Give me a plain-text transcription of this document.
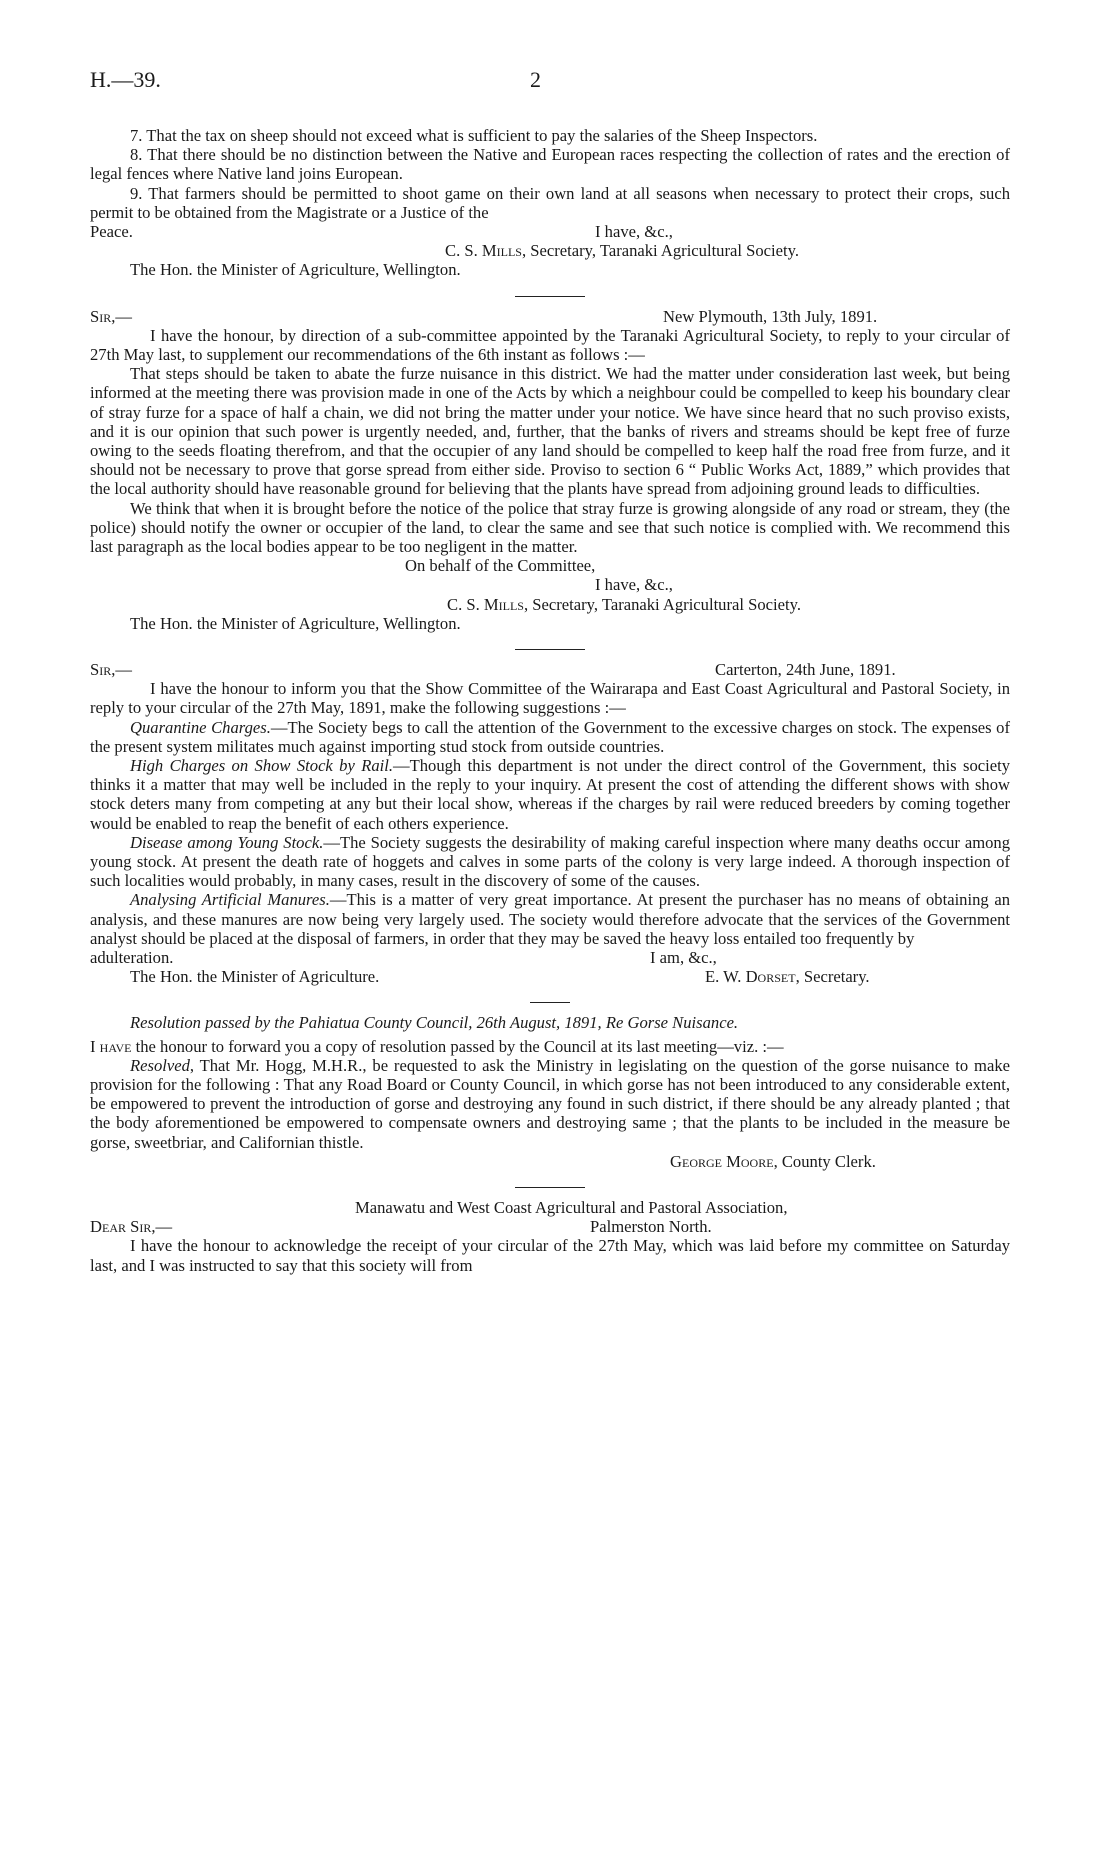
H.—39.	2

7. That the tax on sheep should not exceed what is sufficient to pay the salaries of the Sheep Inspectors.

8. That there should be no distinction between the Native and European races respecting the collection of rates and the erection of legal fences where Native land joins European.

9. That farmers should be permitted to shoot game on their own land at all seasons when necessary to protect their crops, such permit to be obtained from the Magistrate or a Justice of the

Peace.	I have, &c.,
C. S. Mills, Secretary, Taranaki Agricultural Society.
The Hon. the Minister of Agriculture, Wellington.
Sir,—	New Plymouth, 13th July, 1891.

I have the honour, by direction of a sub-committee appointed by the Taranaki Agricultural Society, to reply to your circular of 27th May last, to supplement our recommendations of the 6th instant as follows :—

That steps should be taken to abate the furze nuisance in this district. We had the matter under consideration last week, but being informed at the meeting there was provision made in one of the Acts by which a neighbour could be compelled to keep his boundary clear of stray furze for a space of half a chain, we did not bring the matter under your notice. We have since heard that no such proviso exists, and it is our opinion that such power is urgently needed, and, further, that the banks of rivers and streams should be kept free of furze owing to the seeds floating therefrom, and that the occupier of any land should be compelled to keep half the road free from furze, and it should not be necessary to prove that gorse spread from either side. Proviso to section 6 “ Public Works Act, 1889,” which provides that the local authority should have reasonable ground for believing that the plants have spread from adjoining ground leads to difficulties.

We think that when it is brought before the notice of the police that stray furze is growing alongside of any road or stream, they (the police) should notify the owner or occupier of the land, to clear the same and see that such notice is complied with. We recommend this last paragraph as the local bodies appear to be too negligent in the matter.

On behalf of the Committee,
I have, &c.,
C. S. Mills, Secretary, Taranaki Agricultural Society.
The Hon. the Minister of Agriculture, Wellington.
Sir,—	Carterton, 24th June, 1891.

I have the honour to inform you that the Show Committee of the Wairarapa and East Coast Agricultural and Pastoral Society, in reply to your circular of the 27th May, 1891, make the following suggestions :—

Quarantine Charges.—The Society begs to call the attention of the Government to the excessive charges on stock. The expenses of the present system militates much against importing stud stock from outside countries.

High Charges on Show Stock by Rail.—Though this department is not under the direct control of the Government, this society thinks it a matter that may well be included in the reply to your inquiry. At present the cost of attending the different shows with show stock deters many from competing at any but their local show, whereas if the charges by rail were reduced breeders by coming together would be enabled to reap the benefit of each others experience.

Disease among Young Stock.—The Society suggests the desirability of making careful inspection where many deaths occur among young stock. At present the death rate of hoggets and calves in some parts of the colony is very large indeed. A thorough inspection of such localities would probably, in many cases, result in the discovery of some of the causes.

Analysing Artificial Manures.—This is a matter of very great importance. At present the purchaser has no means of obtaining an analysis, and these manures are now being very largely used. The society would therefore advocate that the services of the Government analyst should be placed at the disposal of farmers, in order that they may be saved the heavy loss entailed too frequently by

adulteration.	I am, &c.,
The Hon. the Minister of Agriculture.	E. W. Dorset, Secretary.

Resolution passed by the Pahiatua County Council, 26th August, 1891, Re Gorse Nuisance.

I have the honour to forward you a copy of resolution passed by the Council at its last meeting—viz. :—

Resolved, That Mr. Hogg, M.H.R., be requested to ask the Ministry in legislating on the question of the gorse nuisance to make provision for the following : That any Road Board or County Council, in which gorse has not been introduced to any considerable extent, be empowered to prevent the introduction of gorse and destroying any found in such district, if there should be any already planted ; that the body aforementioned be empowered to compensate owners and destroying same ; that the plants to be included in the measure be gorse, sweetbriar, and Californian thistle.

George Moore, County Clerk.
Manawatu and West Coast Agricultural and Pastoral Association,
Dear Sir,—	Palmerston North.

I have the honour to acknowledge the receipt of your circular of the 27th May, which was laid before my committee on Saturday last, and I was instructed to say that this society will from
